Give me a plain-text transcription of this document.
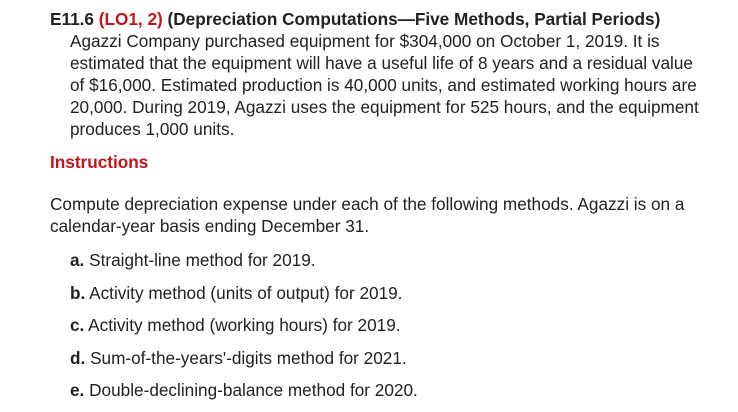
E11.6 (LO1, 2) (Depreciation Computations—Five Methods, Partial Periods) Agazzi Company purchased equipment for $304,000 on October 1, 2019. It is estimated that the equipment will have a useful life of 8 years and a residual value of $16,000. Estimated production is 40,000 units, and estimated working hours are 20,000. During 2019, Agazzi uses the equipment for 525 hours, and the equipment produces 1,000 units.
Instructions
Compute depreciation expense under each of the following methods. Agazzi is on a calendar-year basis ending December 31.
a. Straight-line method for 2019.
b. Activity method (units of output) for 2019.
c. Activity method (working hours) for 2019.
d. Sum-of-the-years'-digits method for 2021.
e. Double-declining-balance method for 2020.
